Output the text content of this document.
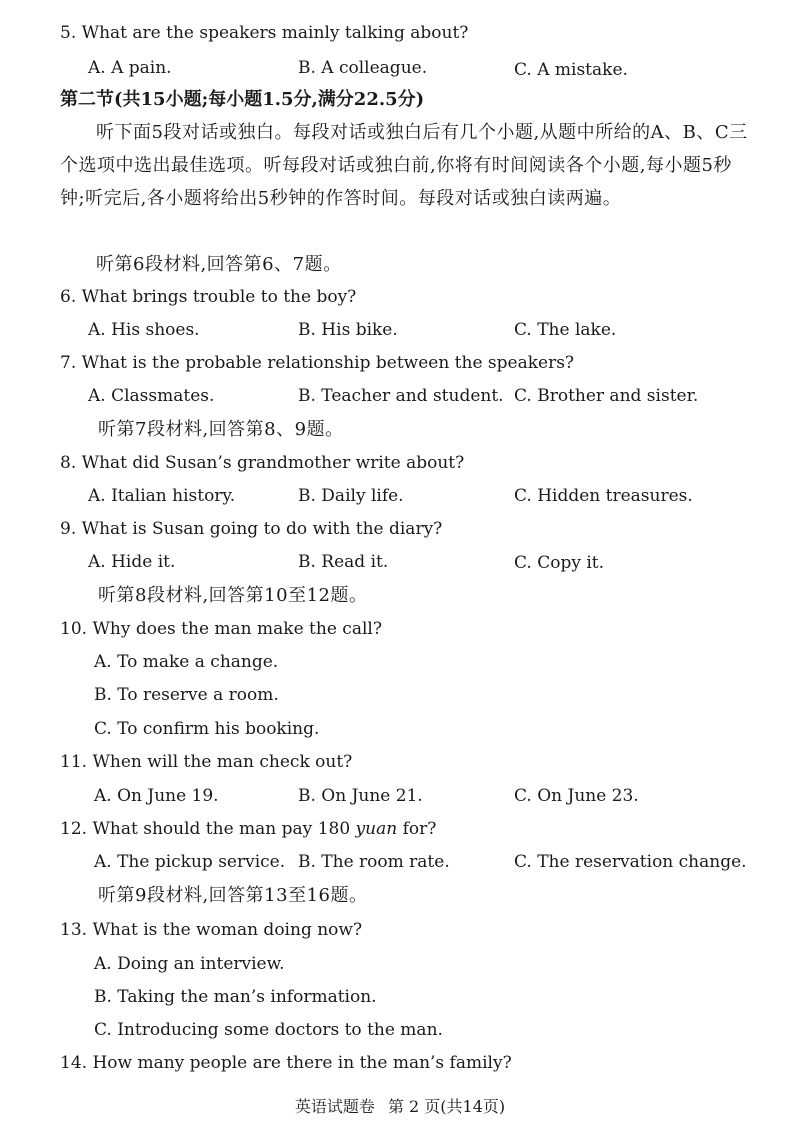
5. What are the speakers mainly talking about?
A. A pain.	B. A colleague.	C. A mistake.
第二节(共15小题;每小题1.5分,满分22.5分)
听下面5段对话或独白。每段对话或独白后有几个小题,从题中所给的A、B、C三个选项中选出最佳选项。听每段对话或独白前,你将有时间阅读各个小题,每小题5秒钟;听完后,各小题将给出5秒钟的作答时间。每段对话或独白读两遍。
听第6段材料,回答第6、7题。
6. What brings trouble to the boy?
A. His shoes.	B. His bike.	C. The lake.
7. What is the probable relationship between the speakers?
A. Classmates.	B. Teacher and student. C. Brother and sister.
听第7段材料,回答第8、9题。
8. What did Susan’s grandmother write about?
A. Italian history.	B. Daily life.	C. Hidden treasures.
9. What is Susan going to do with the diary?
A. Hide it.	B. Read it.	C. Copy it.
听第8段材料,回答第10至12题。
10. Why does the man make the call?
A. To make a change.
B. To reserve a room.
C. To confirm his booking.
11. When will the man check out?
A. On June 19.	B. On June 21.	C. On June 23.
12. What should the man pay 180 yuan for?
A. The pickup service. B. The room rate.	C. The reservation change.
听第9段材料,回答第13至16题。
13. What is the woman doing now?
A. Doing an interview.
B. Taking the man’s information.
C. Introducing some doctors to the man.
14. How many people are there in the man’s family?
英语试题卷 第 2 页(共14页)
